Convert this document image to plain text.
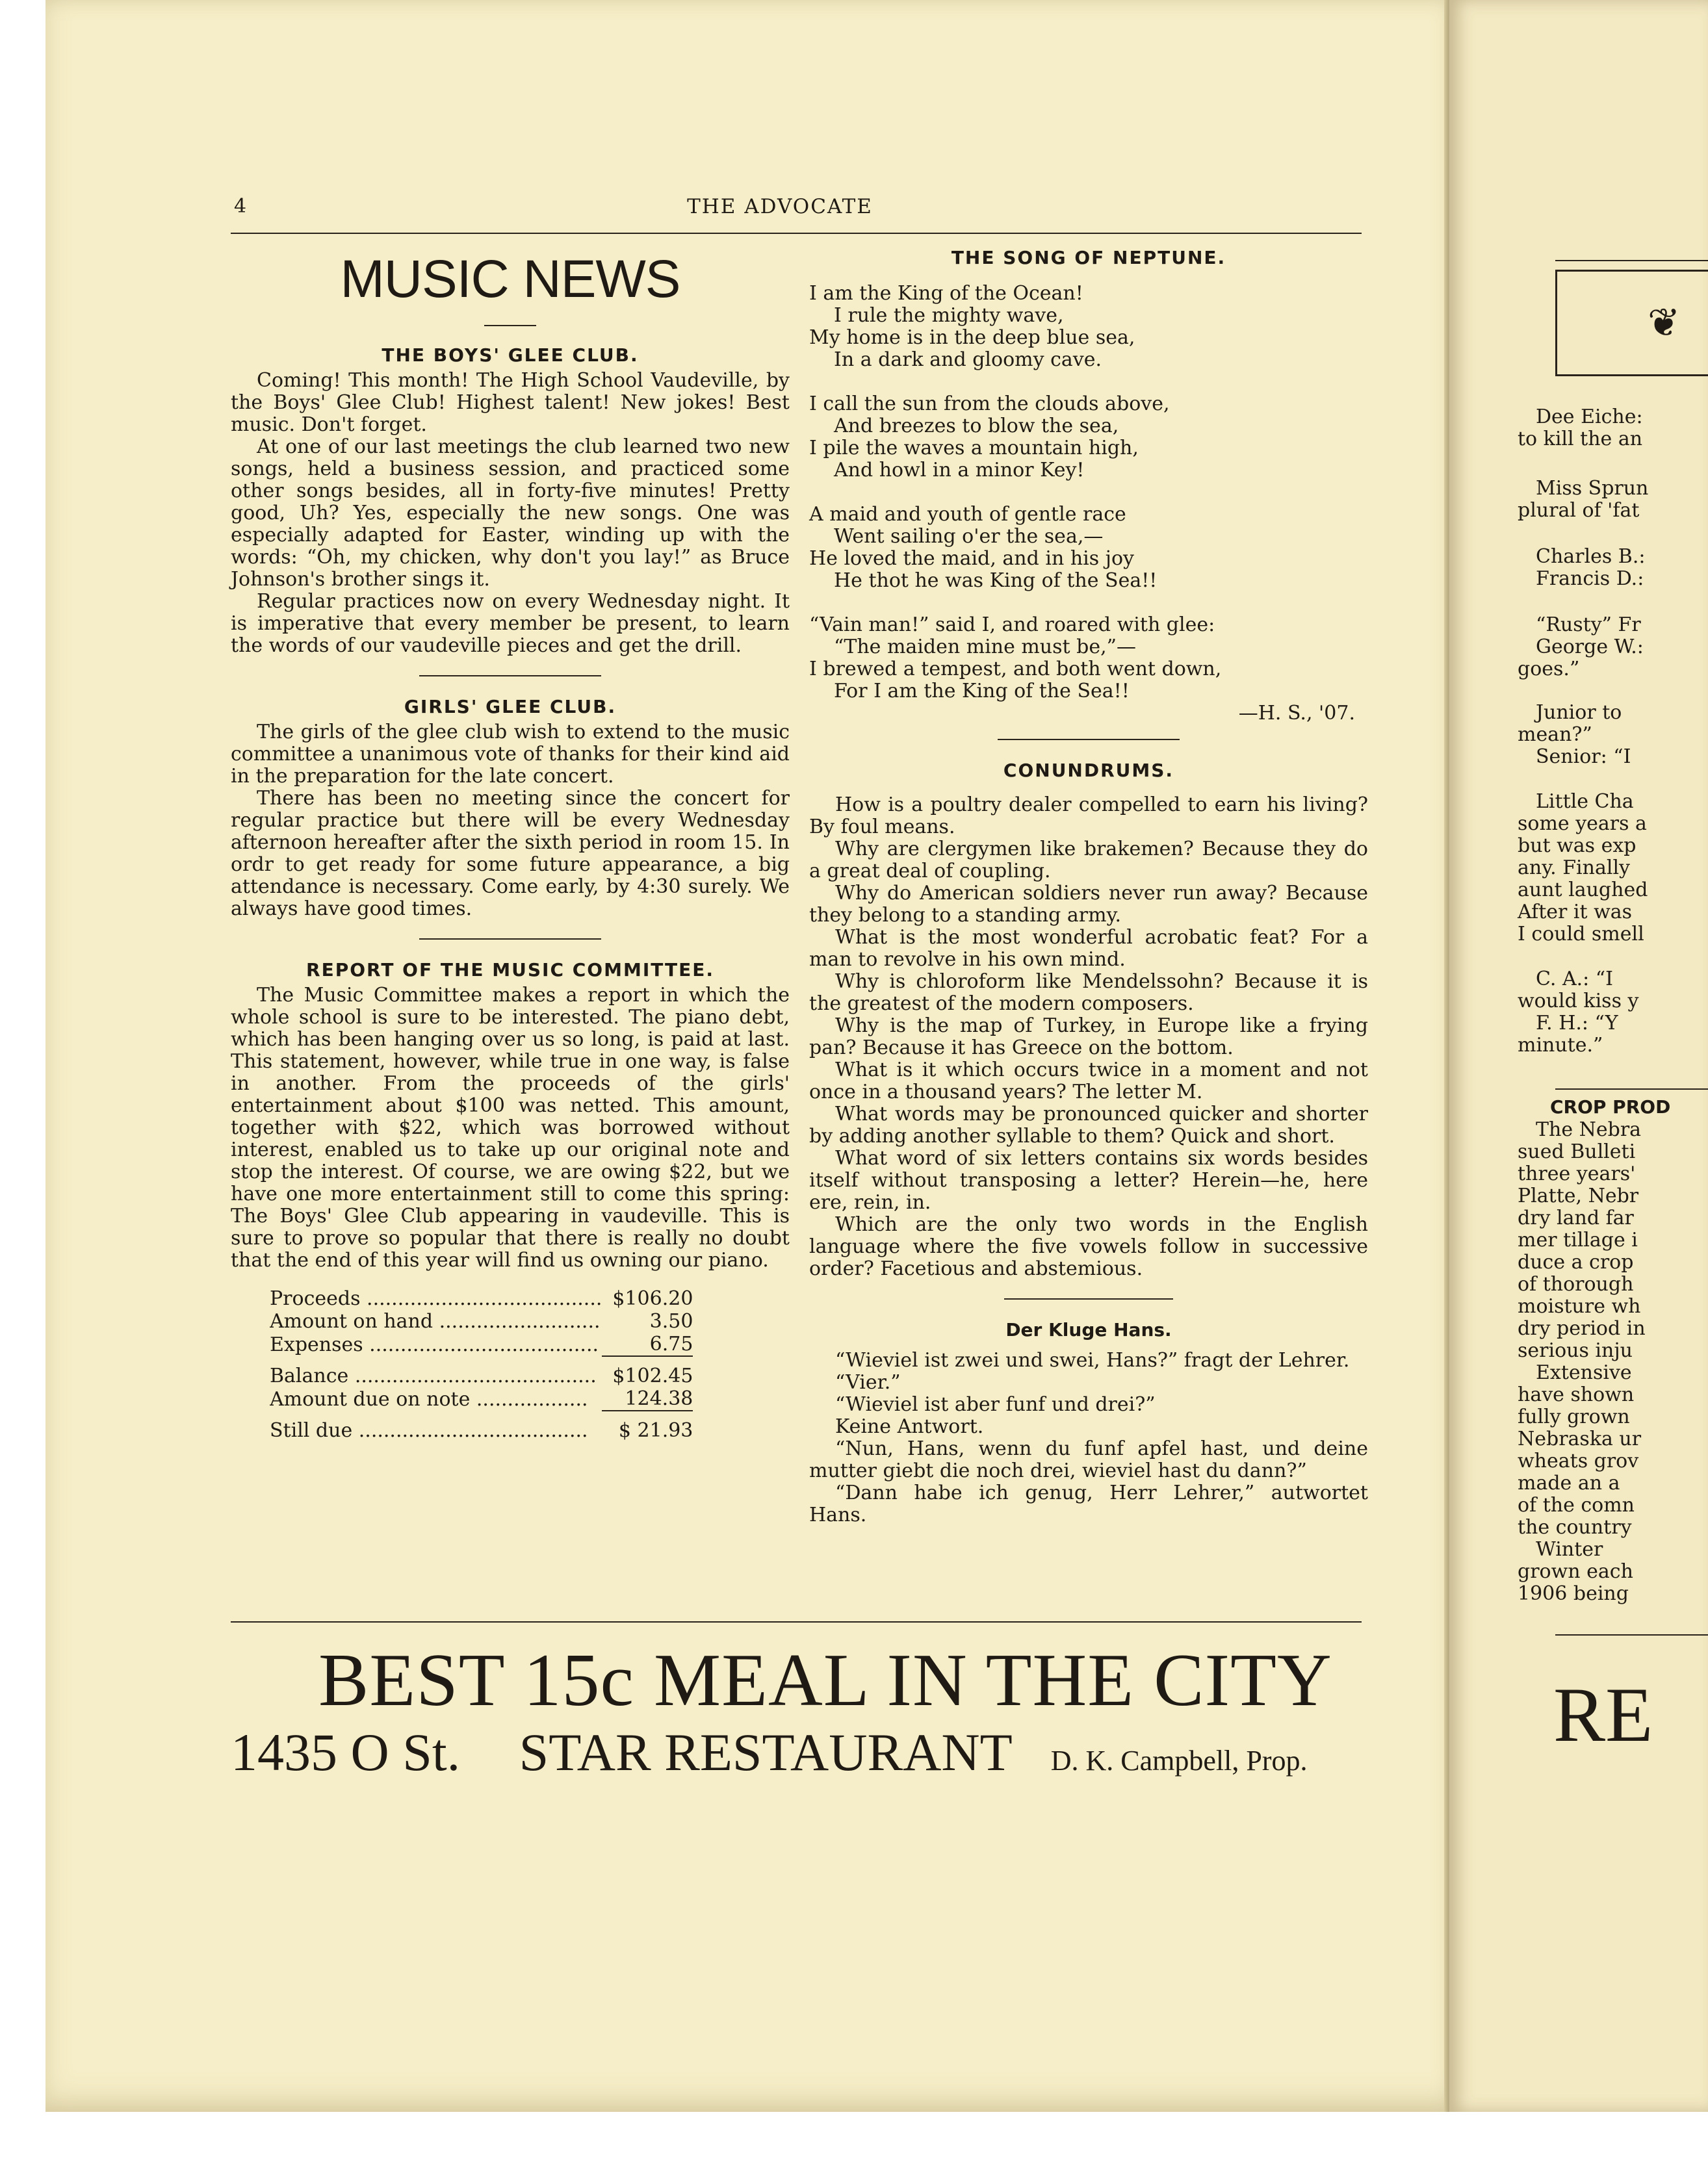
4	THE ADVOCATE
MUSIC NEWS
THE BOYS' GLEE CLUB.

Coming! This month! The High School Vaudeville, by the Boys' Glee Club! Highest talent! New jokes! Best music. Don't forget.

At one of our last meetings the club learned two new songs, held a business session, and practiced some other songs besides, all in forty-five minutes! Pretty good, Uh? Yes, especially the new songs. One was especially adapted for Easter, winding up with the words: “Oh, my chicken, why don't you lay!” as Bruce Johnson's brother sings it.

Regular practices now on every Wednesday night. It is imperative that every member be present, to learn the words of our vaudeville pieces and get the drill.

GIRLS' GLEE CLUB.

The girls of the glee club wish to extend to the music committee a unanimous vote of thanks for their kind aid in the preparation for the late concert.

There has been no meeting since the concert for regular practice but there will be every Wednesday afternoon hereafter after the sixth period in room 15. In ordr to get ready for some future appearance, a big attendance is necessary. Come early, by 4:30 surely. We always have good times.

REPORT OF THE MUSIC COMMITTEE.

The Music Committee makes a report in which the whole school is sure to be interested. The piano debt, which has been hanging over us so long, is paid at last. This statement, however, while true in one way, is false in another. From the proceeds of the girls' entertainment about $100 was netted. This amount, together with $22, which was borrowed without interest, enabled us to take up our original note and stop the interest. Of course, we are owing $22, but we have one more entertainment still to come this spring: The Boys' Glee Club appearing in vaudeville. This is sure to prove so popular that there is really no doubt that the end of this year will find us owning our piano.

Proceeds ......................................	$106.20
Amount on hand ..........................	3.50
Expenses .....................................	6.75
Balance .......................................	$102.45
Amount due on note ..................	124.38
Still due .....................................	$ 21.93
THE SONG OF NEPTUNE.
I am the King of the Ocean!
I rule the mighty wave,
My home is in the deep blue sea,
In a dark and gloomy cave.
I call the sun from the clouds above,
And breezes to blow the sea,
I pile the waves a mountain high,
And howl in a minor Key!
A maid and youth of gentle race
Went sailing o'er the sea,—
He loved the maid, and in his joy
He thot he was King of the Sea!!
“Vain man!” said I, and roared with glee:
“The maiden mine must be,”—
I brewed a tempest, and both went down,
For I am the King of the Sea!!
—H. S., '07.
CONUNDRUMS.

How is a poultry dealer compelled to earn his living? By foul means.

Why are clergymen like brakemen? Because they do a great deal of coupling.

Why do American soldiers never run away? Because they belong to a standing army.

What is the most wonderful acrobatic feat? For a man to revolve in his own mind.

Why is chloroform like Mendelssohn? Because it is the greatest of the modern composers.

Why is the map of Turkey, in Europe like a frying pan? Because it has Greece on the bottom.

What is it which occurs twice in a moment and not once in a thousand years? The letter M.

What words may be pronounced quicker and shorter by adding another syllable to them? Quick and short.

What word of six letters contains six words besides itself without transposing a letter? Herein—he, here ere, rein, in.

Which are the only two words in the English language where the five vowels follow in successive order? Facetious and abstemious.

Der Kluge Hans.

“Wieviel ist zwei und swei, Hans?” fragt der Lehrer.

“Vier.”

“Wieviel ist aber funf und drei?”

Keine Antwort.

“Nun, Hans, wenn du funf apfel hast, und deine mutter giebt die noch drei, wieviel hast du dann?”

“Dann habe ich genug, Herr Lehrer,” autwortet Hans.

BEST 15c MEAL IN THE CITY
1435 O St. STAR RESTAURANT D. K. Campbell, Prop.
❦
Dee Eiche:
to kill the an
Miss Sprun
plural of 'fat
Charles B.:
Francis D.:
“Rusty” Fr
George W.:
goes.”
Junior to
mean?”
Senior: “I
Little Cha
some years a
but was exp
any. Finally
aunt laughed
After it was
I could smell
C. A.: “I
would kiss y
F. H.: “Y
minute.”
CROP PROD
The Nebra
sued Bulleti
three years'
Platte, Nebr
dry land far
mer tillage i
duce a crop
of thorough
moisture wh
dry period in
serious inju
Extensive
have shown
fully grown
Nebraska ur
wheats grov
made an a
of the comn
the country
Winter
grown each
1906 being
RE
